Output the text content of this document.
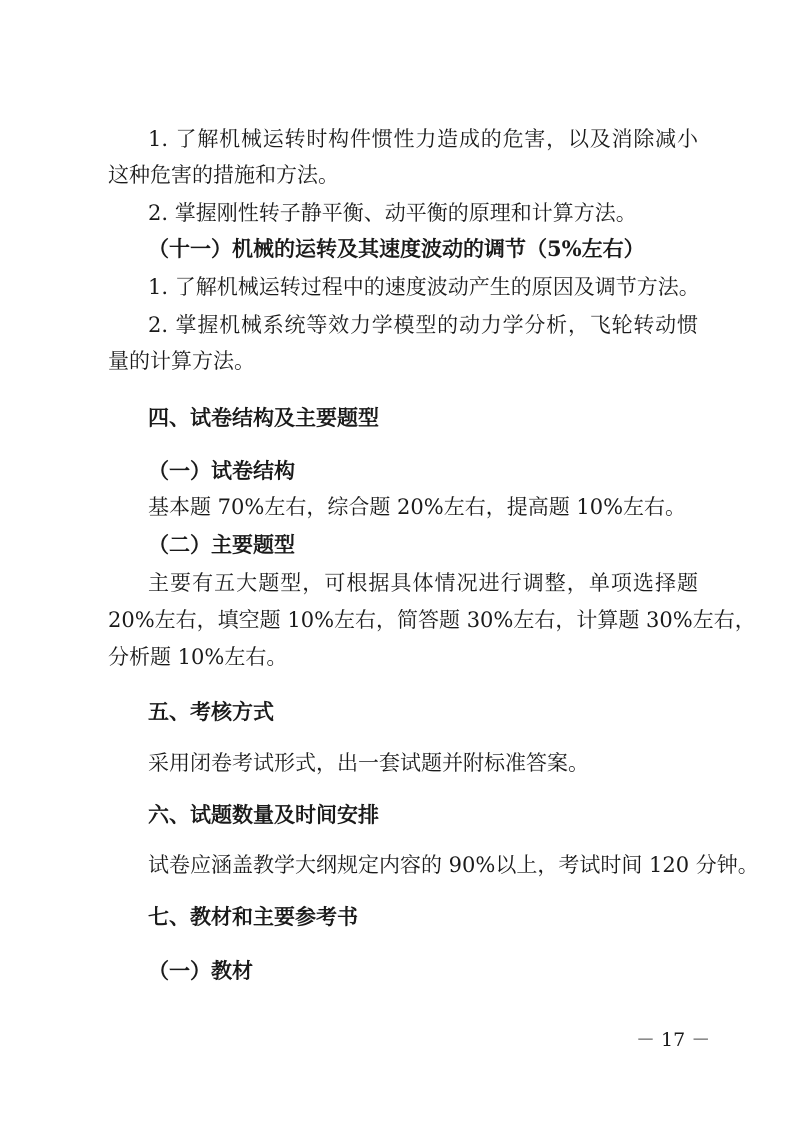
1. 了解机械运转时构件惯性力造成的危害，以及消除减小
这种危害的措施和方法。
2. 掌握刚性转子静平衡、动平衡的原理和计算方法。
（十一）机械的运转及其速度波动的调节（5%左右）
1. 了解机械运转过程中的速度波动产生的原因及调节方法。
2. 掌握机械系统等效力学模型的动力学分析，飞轮转动惯
量的计算方法。
四、试卷结构及主要题型
（一）试卷结构
基本题 70%左右，综合题 20%左右，提高题 10%左右。
（二）主要题型
主要有五大题型，可根据具体情况进行调整，单项选择题
20%左右，填空题 10%左右，简答题 30%左右，计算题 30%左右，
分析题 10%左右。
五、考核方式
采用闭卷考试形式，出一套试题并附标准答案。
六、试题数量及时间安排
试卷应涵盖教学大纲规定内容的 90%以上，考试时间 120 分钟。
七、教材和主要参考书
（一）教材
－ 17 －
